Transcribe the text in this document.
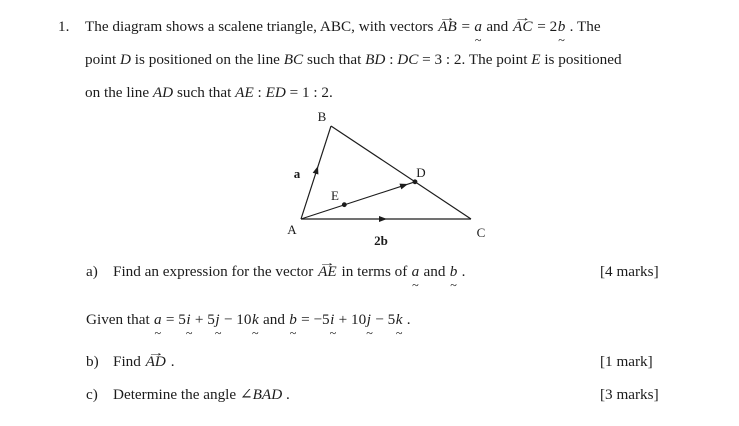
1. The diagram shows a scalene triangle, ABC, with vectors AB → = a ~ and AC → = 2b ~ . The
point D is positioned on the line BC such that BD : DC = 3 : 2. The point E is positioned
on the line AD such that AE : ED = 1 : 2.
A
B
C
D
E
a
2b
a) Find an expression for the vector AE → in terms of a ~ and b ~ .	[4 marks]
Given that a ~ = 5i ~ + 5j ~ − 10k ~ and b ~ = −5i ~ + 10j ~ − 5k ~ .
b) Find AD → .	[1 mark]
c) Determine the angle ∠BAD .	[3 marks]
